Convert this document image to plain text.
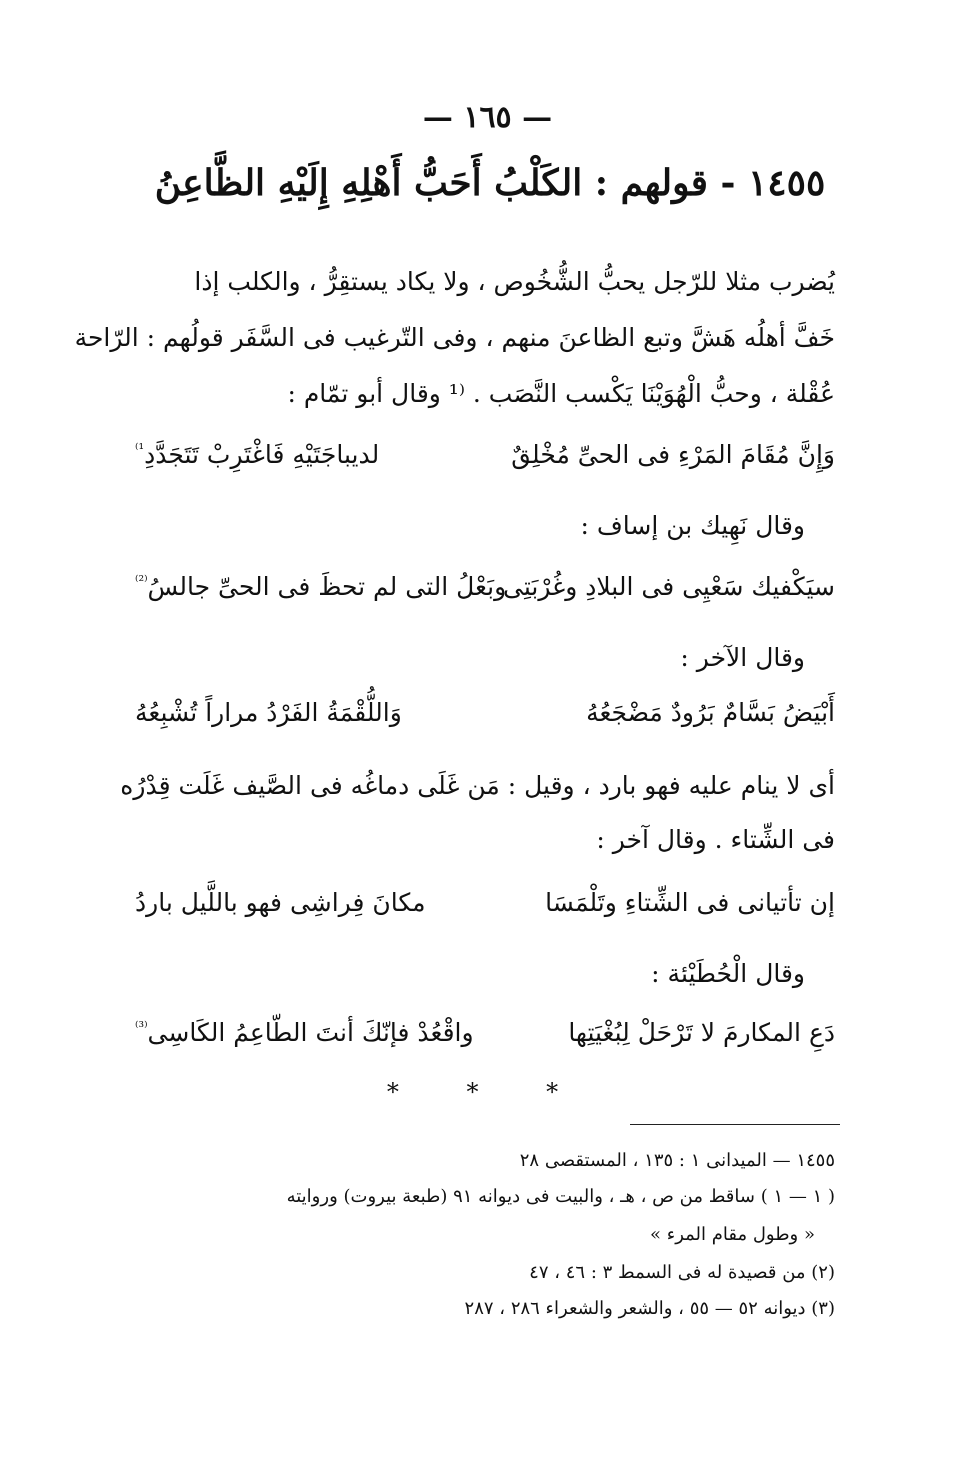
— ١٦٥ —
١٤٥٥ - قولهم : الكَلْبُ أَحَبُّ أَهْلِهِ إِلَيْهِ الظَّاعِنُ
يُضرب مثلا للرّجل يحبُّ الشُّخُوص ، ولا يكاد يستقِرُّ ، والكلب إذا
خَفَّ أهلُه هَشَّ وتبع الظاعنَ منهم ، وفى التّرغيب فى السَّفَر قولُهم : الرّاحة
عُقْلة ، وحبُّ الْهُوَيْنَا يَكْسب النَّصَب . ⁽¹ وقال أبو تمّام :
وَإِنَّ مُقَامَ المَرْءِ فى الحىِّ مُخْلِقٌ
لديباجَتَيْهِ فَاغْتَرِبْ تَتَجَدَّدِ$^{^{1)}}$
وقال نَهِيك بن إساف :
سيَكْفيك سَعْيِى فى البلادِ وغُرْبَتِى
وبَعْلُ التى لم تحظَ فى الحىِّ جالسُ$^{^{(2)}}$
وقال الآخر :
أَبْيَضُ بَسَّامٌ بَرُودٌ مَضْجَعُهُ
وَاللُّقْمَةُ الفَرْدُ مراراً تُشْبِعُهُ
أى لا ينام عليه فهو بارد ، وقيل : مَن غَلَى دماغُه فى الصَّيف غَلَت قِدْرُه
فى الشِّتاء . وقال آخر :
إن تأتيانى فى الشِّتاءِ وتَلْمَسَا
مكانَ فِراشِى فهو باللَّيل باردُ
وقال الْحُطَيْئة :
دَعِ المكارمَ لا تَرْحَلْ لِبُغْيَتِها
واقْعُدْ فإنّكَ أنتَ الطّاعِمُ الكَاسِى$^{^{(3)}}$
* * *
١٤٥٥ — الميدانى ١ : ١٣٥ ، المستقصى ٢٨
( ١ — ١ ) ساقط من ص ، هـ ، والبيت فى ديوانه ٩١ (طبعة بيروت) وروايته
« وطول مقام المرء »
(٢) من قصيدة له فى السمط ٣ : ٤٦ ، ٤٧
(٣) ديوانه ٥٢ — ٥٥ ، والشعر والشعراء ٢٨٦ ، ٢٨٧
